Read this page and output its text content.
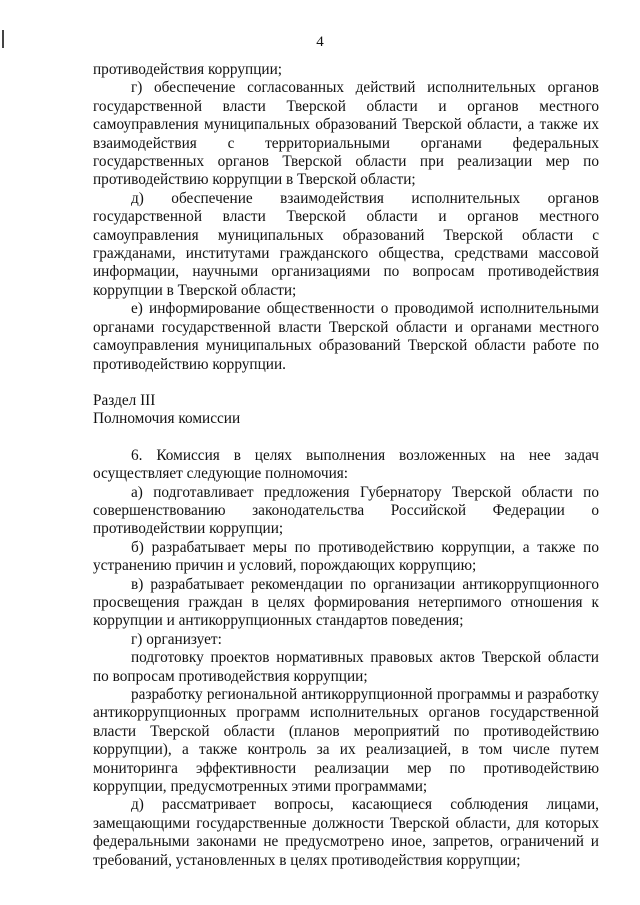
4

противодействия коррупции;

г) обеспечение согласованных действий исполнительных органов государственной власти Тверской области и органов местного самоуправления муниципальных образований Тверской области, а также их взаимодействия с территориальными органами федеральных государственных органов Тверской области при реализации мер по противодействию коррупции в Тверской области;

д) обеспечение взаимодействия исполнительных органов государственной власти Тверской области и органов местного самоуправления муниципальных образований Тверской области с гражданами, институтами гражданского общества, средствами массовой информации, научными организациями по вопросам противодействия коррупции в Тверской области;

е) информирование общественности о проводимой исполнительными органами государственной власти Тверской области и органами местного самоуправления муниципальных образований Тверской области работе по противодействию коррупции.

Раздел III

Полномочия комиссии

6. Комиссия в целях выполнения возложенных на нее задач осуществляет следующие полномочия:

а) подготавливает предложения Губернатору Тверской области по совершенствованию законодательства Российской Федерации о противодействии коррупции;

б) разрабатывает меры по противодействию коррупции, а также по устранению причин и условий, порождающих коррупцию;

в) разрабатывает рекомендации по организации антикоррупционного просвещения граждан в целях формирования нетерпимого отношения к коррупции и антикоррупционных стандартов поведения;

г) организует:

подготовку проектов нормативных правовых актов Тверской области по вопросам противодействия коррупции;

разработку региональной антикоррупционной программы и разработку антикоррупционных программ исполнительных органов государственной власти Тверской области (планов мероприятий по противодействию коррупции), а также контроль за их реализацией, в том числе путем мониторинга эффективности реализации мер по противодействию коррупции, предусмотренных этими программами;

д) рассматривает вопросы, касающиеся соблюдения лицами, замещающими государственные должности Тверской области, для которых федеральными законами не предусмотрено иное, запретов, ограничений и требований, установленных в целях противодействия коррупции;
